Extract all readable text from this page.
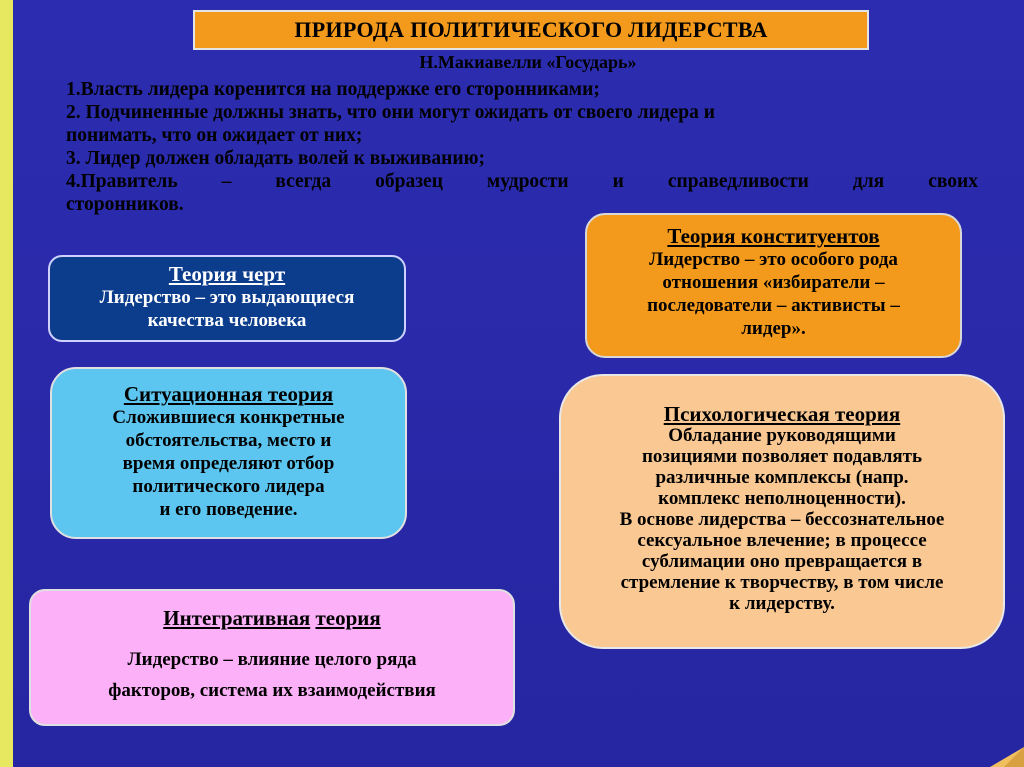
ПРИРОДА ПОЛИТИЧЕСКОГО ЛИДЕРСТВА
Н.Макиавелли «Государь»

1.Власть лидера коренится на поддержке его сторонниками;

2. Подчиненные должны знать, что они могут ожидать от своего лидера и

понимать, что он ожидает от них;

3. Лидер должен обладать волей к выживанию;

4.Правитель – всегда образец мудрости и справедливости для своих

сторонников.

Теория черт
Лидерство – это выдающиеся
качества человека
Теория конституентов
Лидерство – это особого рода
отношения «избиратели –
последователи – активисты –
лидер».
Ситуационная теория
Сложившиеся конкретные
обстоятельства, место и
время определяют отбор
политического лидера
и его поведение.
Психологическая теория
Обладание руководящими
позициями позволяет подавлять
различные комплексы (напр.
комплекс неполноценности).
В основе лидерства – бессознательное
сексуальное влечение; в процессе
сублимации оно превращается в
стремление к творчеству, в том числе
к лидерству.
Интегративная теория
Лидерство – влияние целого ряда
факторов, система их взаимодействия
